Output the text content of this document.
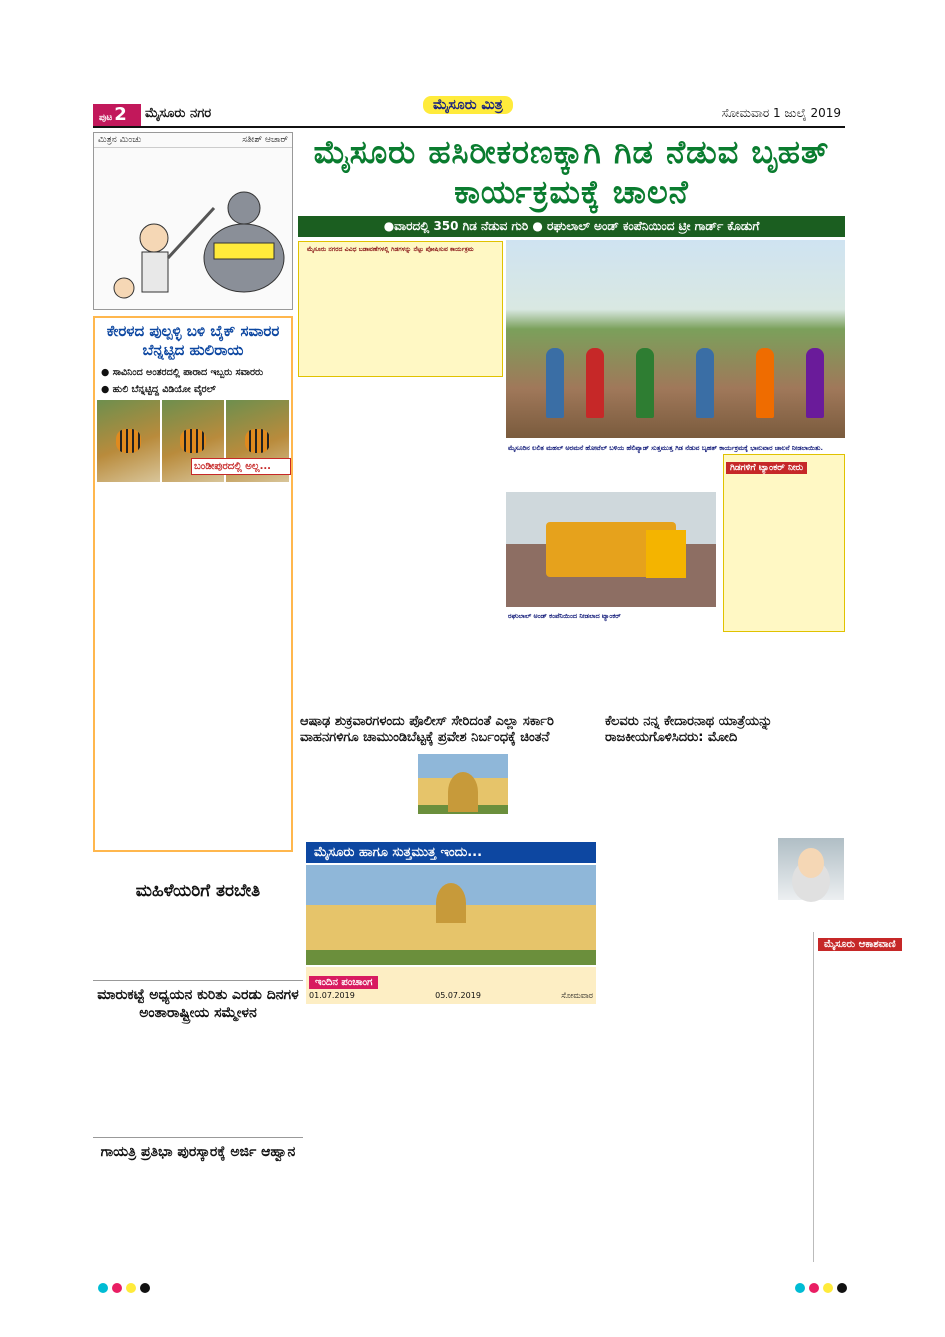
ಪುಟ 2	ಮೈಸೂರು ನಗರ
ಮೈಸೂರು ಮಿತ್ರ	ಸೋಮವಾರ 1 ಜುಲೈ 2019
ಮಿತ್ರನ ಮಿಂಚು	ಸತೀಶ್ ಆಚಾರ್
ಕೇರಳದ ಪುಲ್ಪಳ್ಳಿ ಬಳಿ ಬೈಕ್ ಸವಾರರ ಬೆನ್ನಟ್ಟಿದ ಹುಲಿರಾಯ
● ಸಾವಿನಿಂದ ಅಂತರದಲ್ಲಿ ಪಾರಾದ ಇಬ್ಬರು ಸವಾರರು
● ಹುಲಿ ಬೆನ್ನಟ್ಟಿದ್ದ ವಿಡಿಯೋ ವೈರಲ್
ಬಂಡೀಪುರದಲ್ಲಿ ಅಲ್ಲ...
ಮಹಿಳೆಯರಿಗೆ ತರಬೇತಿ
ಮಾರುಕಟ್ಟೆ ಅಧ್ಯಯನ ಕುರಿತು ಎರಡು ದಿನಗಳ ಅಂತಾರಾಷ್ಟ್ರೀಯ ಸಮ್ಮೇಳನ
ಗಾಯತ್ರಿ ಪ್ರತಿಭಾ ಪುರಸ್ಕಾರಕ್ಕೆ ಅರ್ಜಿ ಆಹ್ವಾನ
ಮೈಸೂರು ಹಸಿರೀಕರಣಕ್ಕಾಗಿ ಗಿಡ ನೆಡುವ ಬೃಹತ್ ಕಾರ್ಯಕ್ರಮಕ್ಕೆ ಚಾಲನೆ
●ವಾರದಲ್ಲಿ 350 ಗಿಡ ನೆಡುವ ಗುರಿ ● ರಘುಲಾಲ್ ಅಂಡ್ ಕಂಪೆನಿಯಿಂದ ಟ್ರೀ ಗಾರ್ಡ್ ಕೊಡುಗೆ
ಮೈಸೂರು ನಗರದ ವಿವಿಧ ಬಡಾವಣೆಗಳಲ್ಲಿ ಗಿಡಗಳನ್ನು ನೆಟ್ಟು ಪೋಷಿಸುವ ಕಾರ್ಯಕ್ರಮ
ಮೈಸೂರಿನ ಲಲಿತ ಮಹಲ್ ಅರಮನೆ ಹೋಟೆಲ್ ಬಳಿಯ ಹೆಲಿಪ್ಯಾಡ್ ಸುತ್ತಮುತ್ತ ಗಿಡ ನೆಡುವ ಬೃಹತ್ ಕಾರ್ಯಕ್ರಮಕ್ಕೆ ಭಾನುವಾರ ಚಾಲನೆ ನೀಡಲಾಯಿತು.
ರಘುಲಾಲ್ ಅಂಡ್ ಕಂಪೆನಿಯಿಂದ ನೀಡಲಾದ ಟ್ಯಾಂಕರ್
ಗಿಡಗಳಿಗೆ ಟ್ಯಾಂಕರ್ ನೀರು
ಆಷಾಢ ಶುಕ್ರವಾರಗಳಂದು ಪೊಲೀಸ್ ಸೇರಿದಂತೆ ಎಲ್ಲಾ ಸರ್ಕಾರಿ ವಾಹನಗಳಿಗೂ ಚಾಮುಂಡಿಬೆಟ್ಟಕ್ಕೆ ಪ್ರವೇಶ ನಿರ್ಬಂಧಕ್ಕೆ ಚಿಂತನೆ
ಕೆಲವರು ನನ್ನ ಕೇದಾರನಾಥ ಯಾತ್ರೆಯನ್ನು ರಾಜಕೀಯಗೊಳಿಸಿದರು: ಮೋದಿ
ಮೈಸೂರು ಹಾಗೂ ಸುತ್ತಮುತ್ತ ಇಂದು...
ಇಂದಿನ ಪಂಚಾಂಗ
01.07.2019	05.07.2019	ಸೋಮವಾರ
ಮೈಸೂರು ಆಕಾಶವಾಣಿ
